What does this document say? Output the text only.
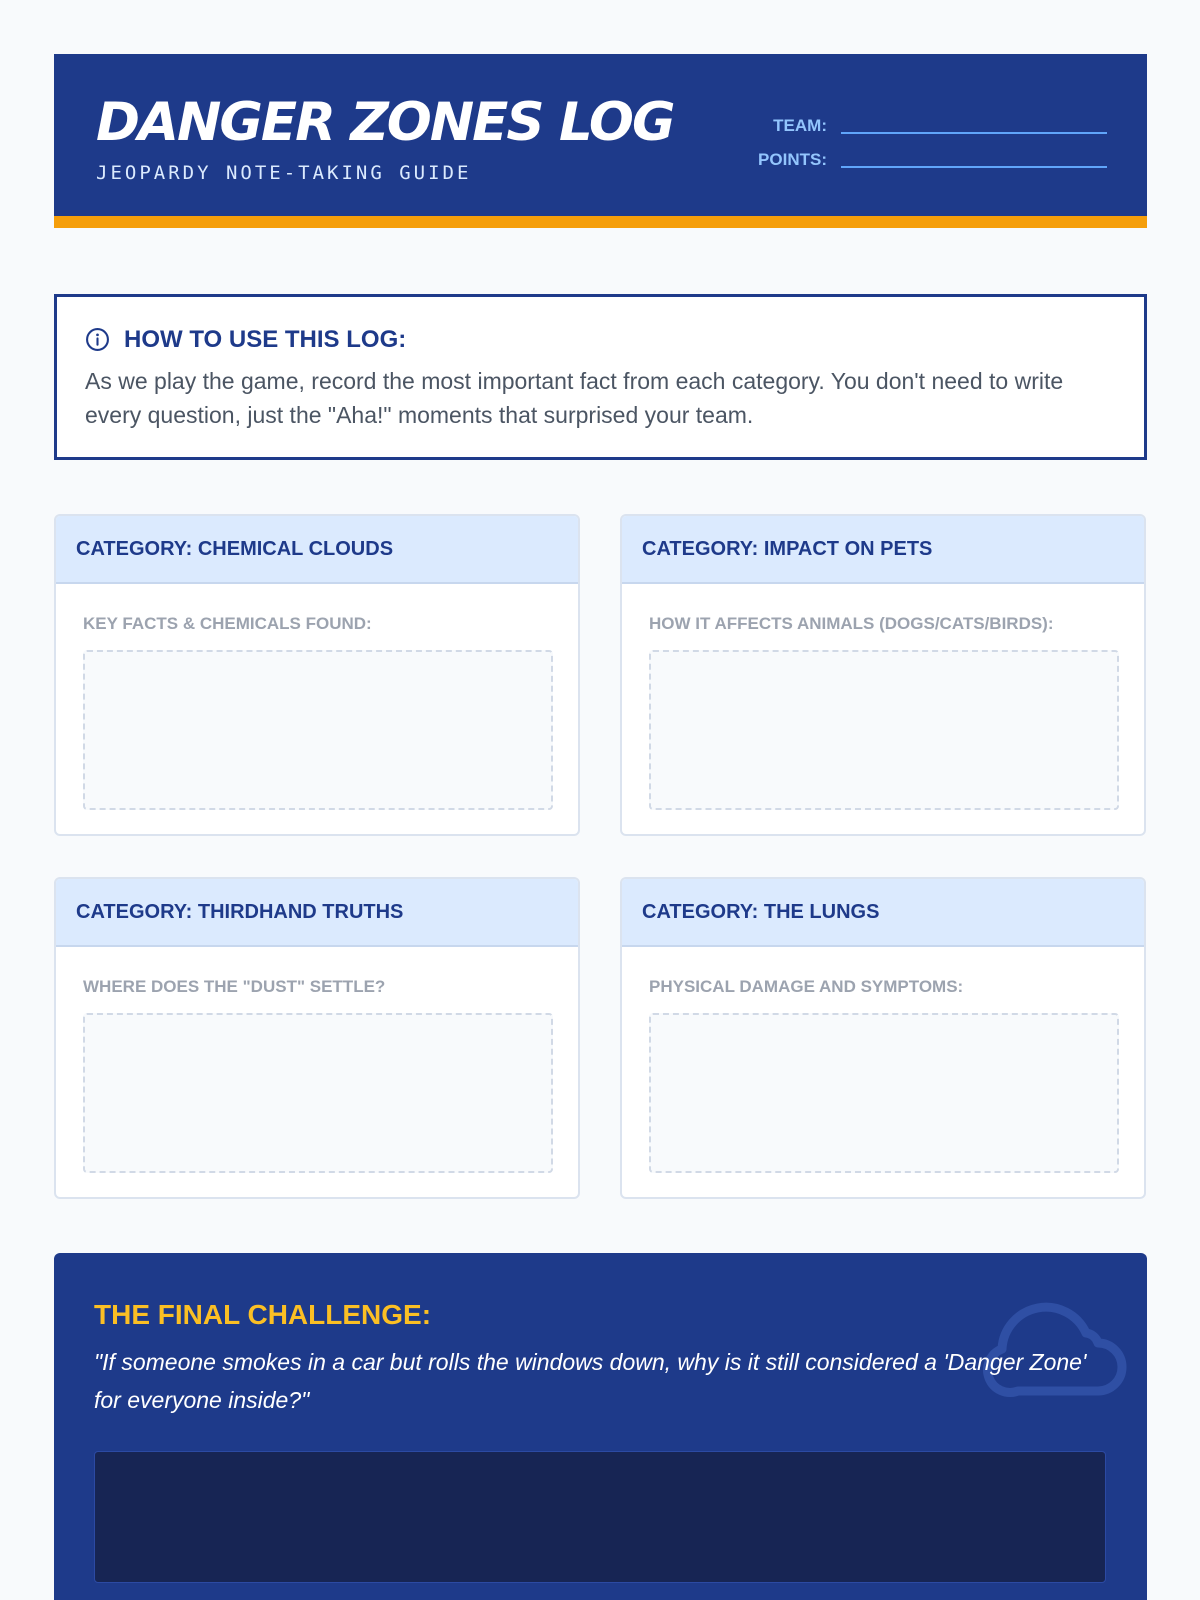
DANGER ZONES LOG
JEOPARDY NOTE-TAKING GUIDE
TEAM:
POINTS:
HOW TO USE THIS LOG:
As we play the game, record the most important fact from each category. You don't need to write every question, just the "Aha!" moments that surprised your team.
CATEGORY: CHEMICAL CLOUDS
KEY FACTS & CHEMICALS FOUND:
CATEGORY: IMPACT ON PETS
HOW IT AFFECTS ANIMALS (DOGS/CATS/BIRDS):
CATEGORY: THIRDHAND TRUTHS
WHERE DOES THE "DUST" SETTLE?
CATEGORY: THE LUNGS
PHYSICAL DAMAGE AND SYMPTOMS:
THE FINAL CHALLENGE:
"If someone smokes in a car but rolls the windows down, why is it still considered a 'Danger Zone' for everyone inside?"
